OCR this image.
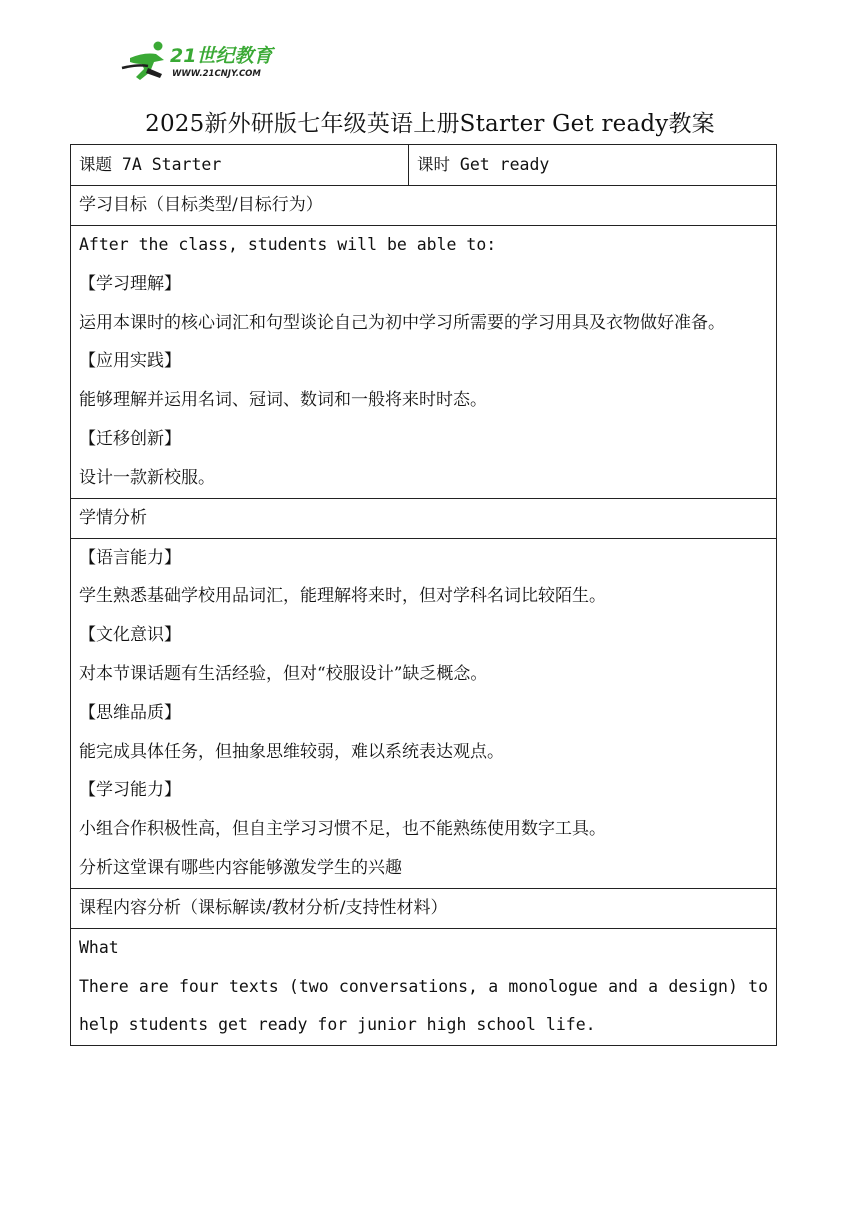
21世纪教育
WWW.21CNJY.COM
2025新外研版七年级英语上册Starter Get ready教案
课题 7A Starter	课时 Get ready
学习目标（目标类型/目标行为）

After the class, students will be able to:
【学习理解】
运用本课时的核心词汇和句型谈论自己为初中学习所需要的学习用具及衣物做好准备。
【应用实践】
能够理解并运用名词、冠词、数词和一般将来时时态。
【迁移创新】
设计一款新校服。

学情分析

【语言能力】
学生熟悉基础学校用品词汇，能理解将来时，但对学科名词比较陌生。
【文化意识】
对本节课话题有生活经验，但对“校服设计”缺乏概念。
【思维品质】
能完成具体任务，但抽象思维较弱，难以系统表达观点。
【学习能力】
小组合作积极性高，但自主学习习惯不足，也不能熟练使用数字工具。
分析这堂课有哪些内容能够激发学生的兴趣

课程内容分析（课标解读/教材分析/支持性材料）

What
There are four texts (two conversations, a monologue and a design) to help students get ready for junior high school life.
